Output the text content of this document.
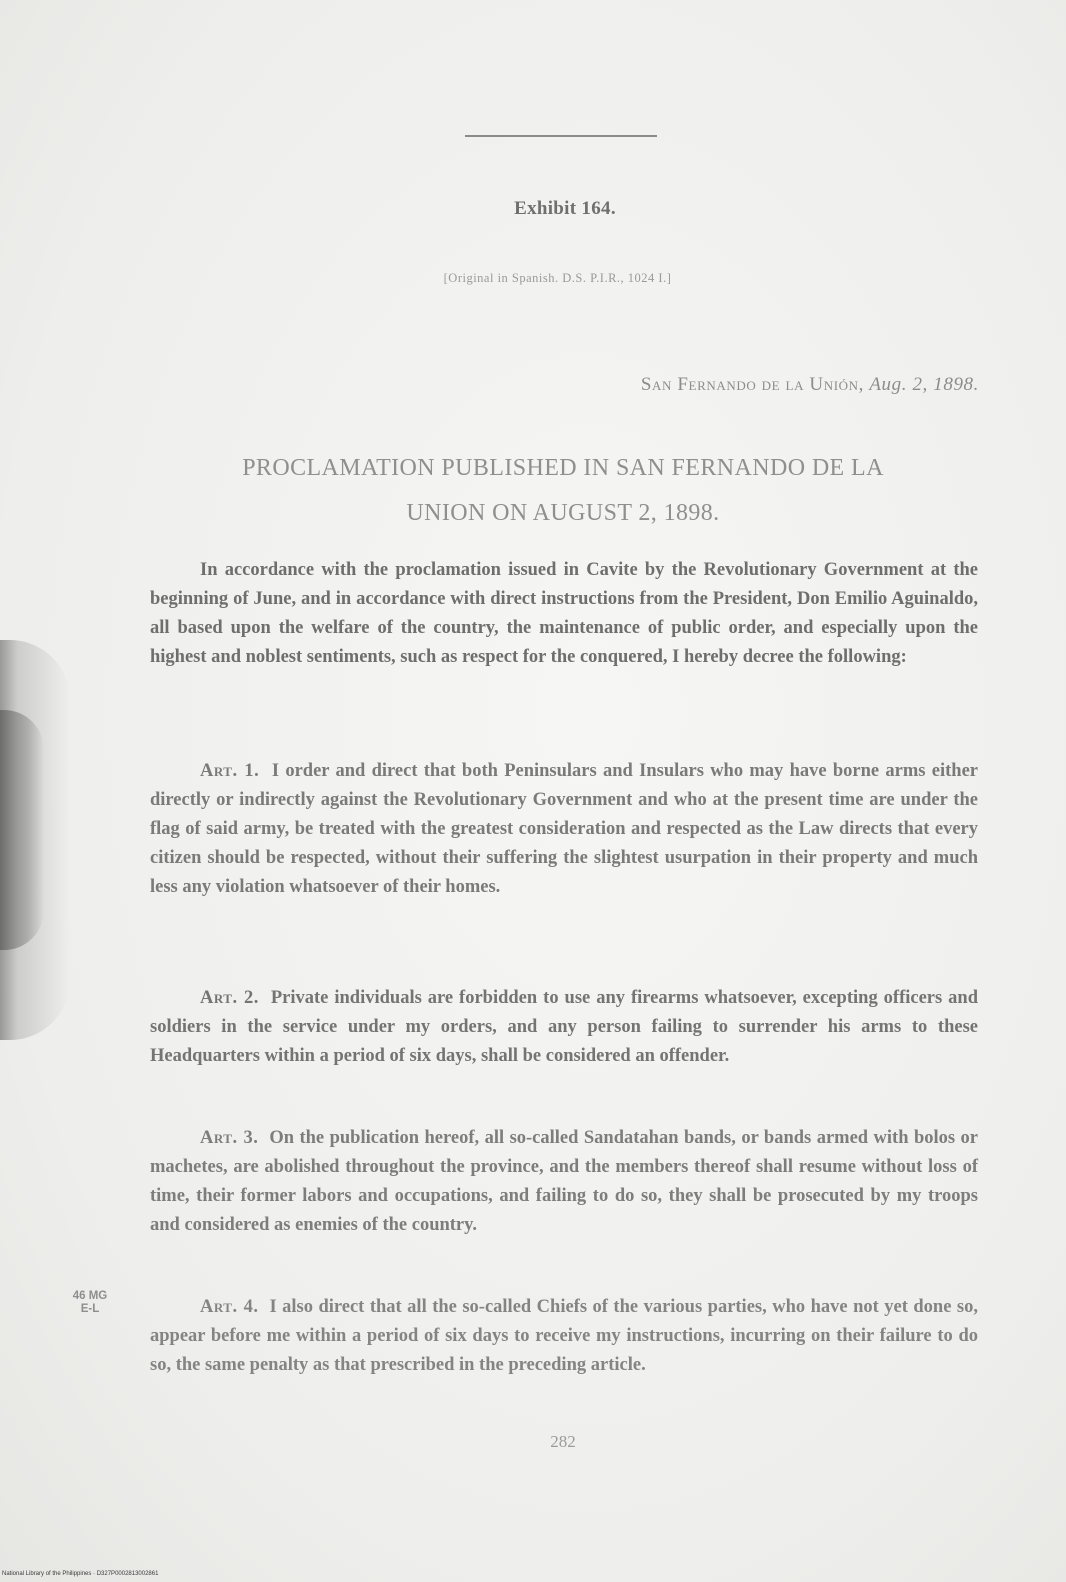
Exhibit 164.
[Original in Spanish. D.S. P.I.R., 1024 I.]
San Fernando de la Unión, Aug. 2, 1898.
PROCLAMATION PUBLISHED IN SAN FERNANDO DE LA
UNION ON AUGUST 2, 1898.

In accordance with the proclamation issued in Cavite by the Revolutionary Government at the beginning of June, and in accordance with direct instructions from the President, Don Emilio Aguinaldo, all based upon the welfare of the country, the maintenance of public order, and especially upon the highest and noblest sentiments, such as respect for the conquered, I hereby decree the following:

Art. 1. I order and direct that both Peninsulars and Insulars who may have borne arms either directly or indirectly against the Revolutionary Government and who at the present time are under the flag of said army, be treated with the greatest consideration and respected as the Law directs that every citizen should be respected, without their suffering the slightest usurpation in their property and much less any violation whatsoever of their homes.

Art. 2. Private individuals are forbidden to use any firearms whatsoever, excepting officers and soldiers in the service under my orders, and any person failing to surrender his arms to these Headquarters within a period of six days, shall be considered an offender.

Art. 3. On the publication hereof, all so-called Sandatahan bands, or bands armed with bolos or machetes, are abolished throughout the province, and the members thereof shall resume without loss of time, their former labors and occupations, and failing to do so, they shall be prosecuted by my troops and considered as enemies of the country.

46 MG
E-L	Art. 4. I also direct that all the so-called Chiefs of the various parties, who have not yet done so, appear before me within a period of six days to receive my instructions, incurring on their failure to do so, the same penalty as that prescribed in the preceding article.

282
National Library of the Philippines · D327P0002813002861
